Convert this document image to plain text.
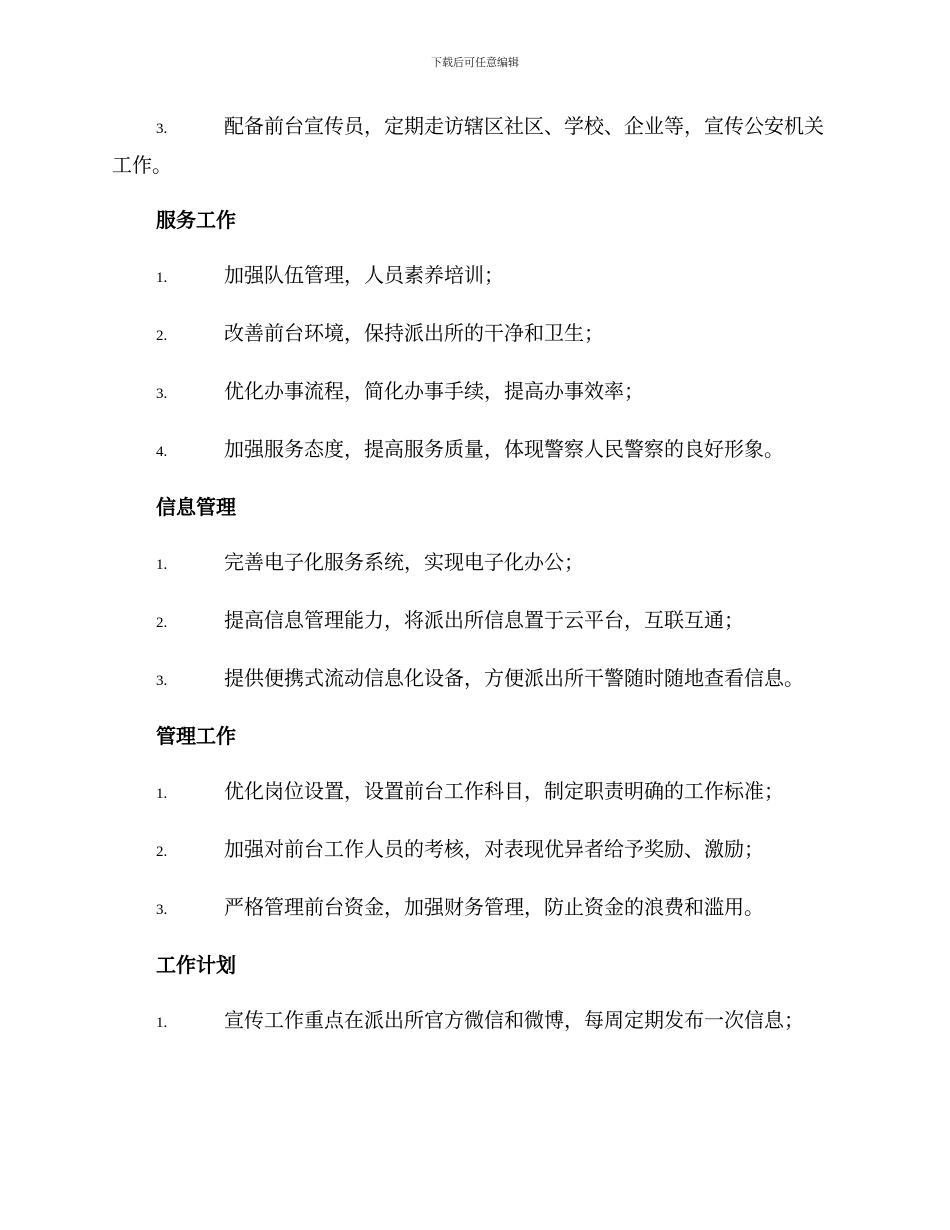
下载后可任意编辑

3.	配备前台宣传员，定期走访辖区社区、学校、企业等，宣传公安机关工作。

服务工作

1.	加强队伍管理，人员素养培训；

2.	改善前台环境，保持派出所的干净和卫生；

3.	优化办事流程，简化办事手续，提高办事效率；

4.	加强服务态度，提高服务质量，体现警察人民警察的良好形象。

信息管理

1.	完善电子化服务系统，实现电子化办公；

2.	提高信息管理能力，将派出所信息置于云平台，互联互通；

3.	提供便携式流动信息化设备，方便派出所干警随时随地查看信息。

管理工作

1.	优化岗位设置，设置前台工作科目，制定职责明确的工作标准；

2.	加强对前台工作人员的考核，对表现优异者给予奖励、激励；

3.	严格管理前台资金，加强财务管理，防止资金的浪费和滥用。

工作计划

1.	宣传工作重点在派出所官方微信和微博，每周定期发布一次信息；
